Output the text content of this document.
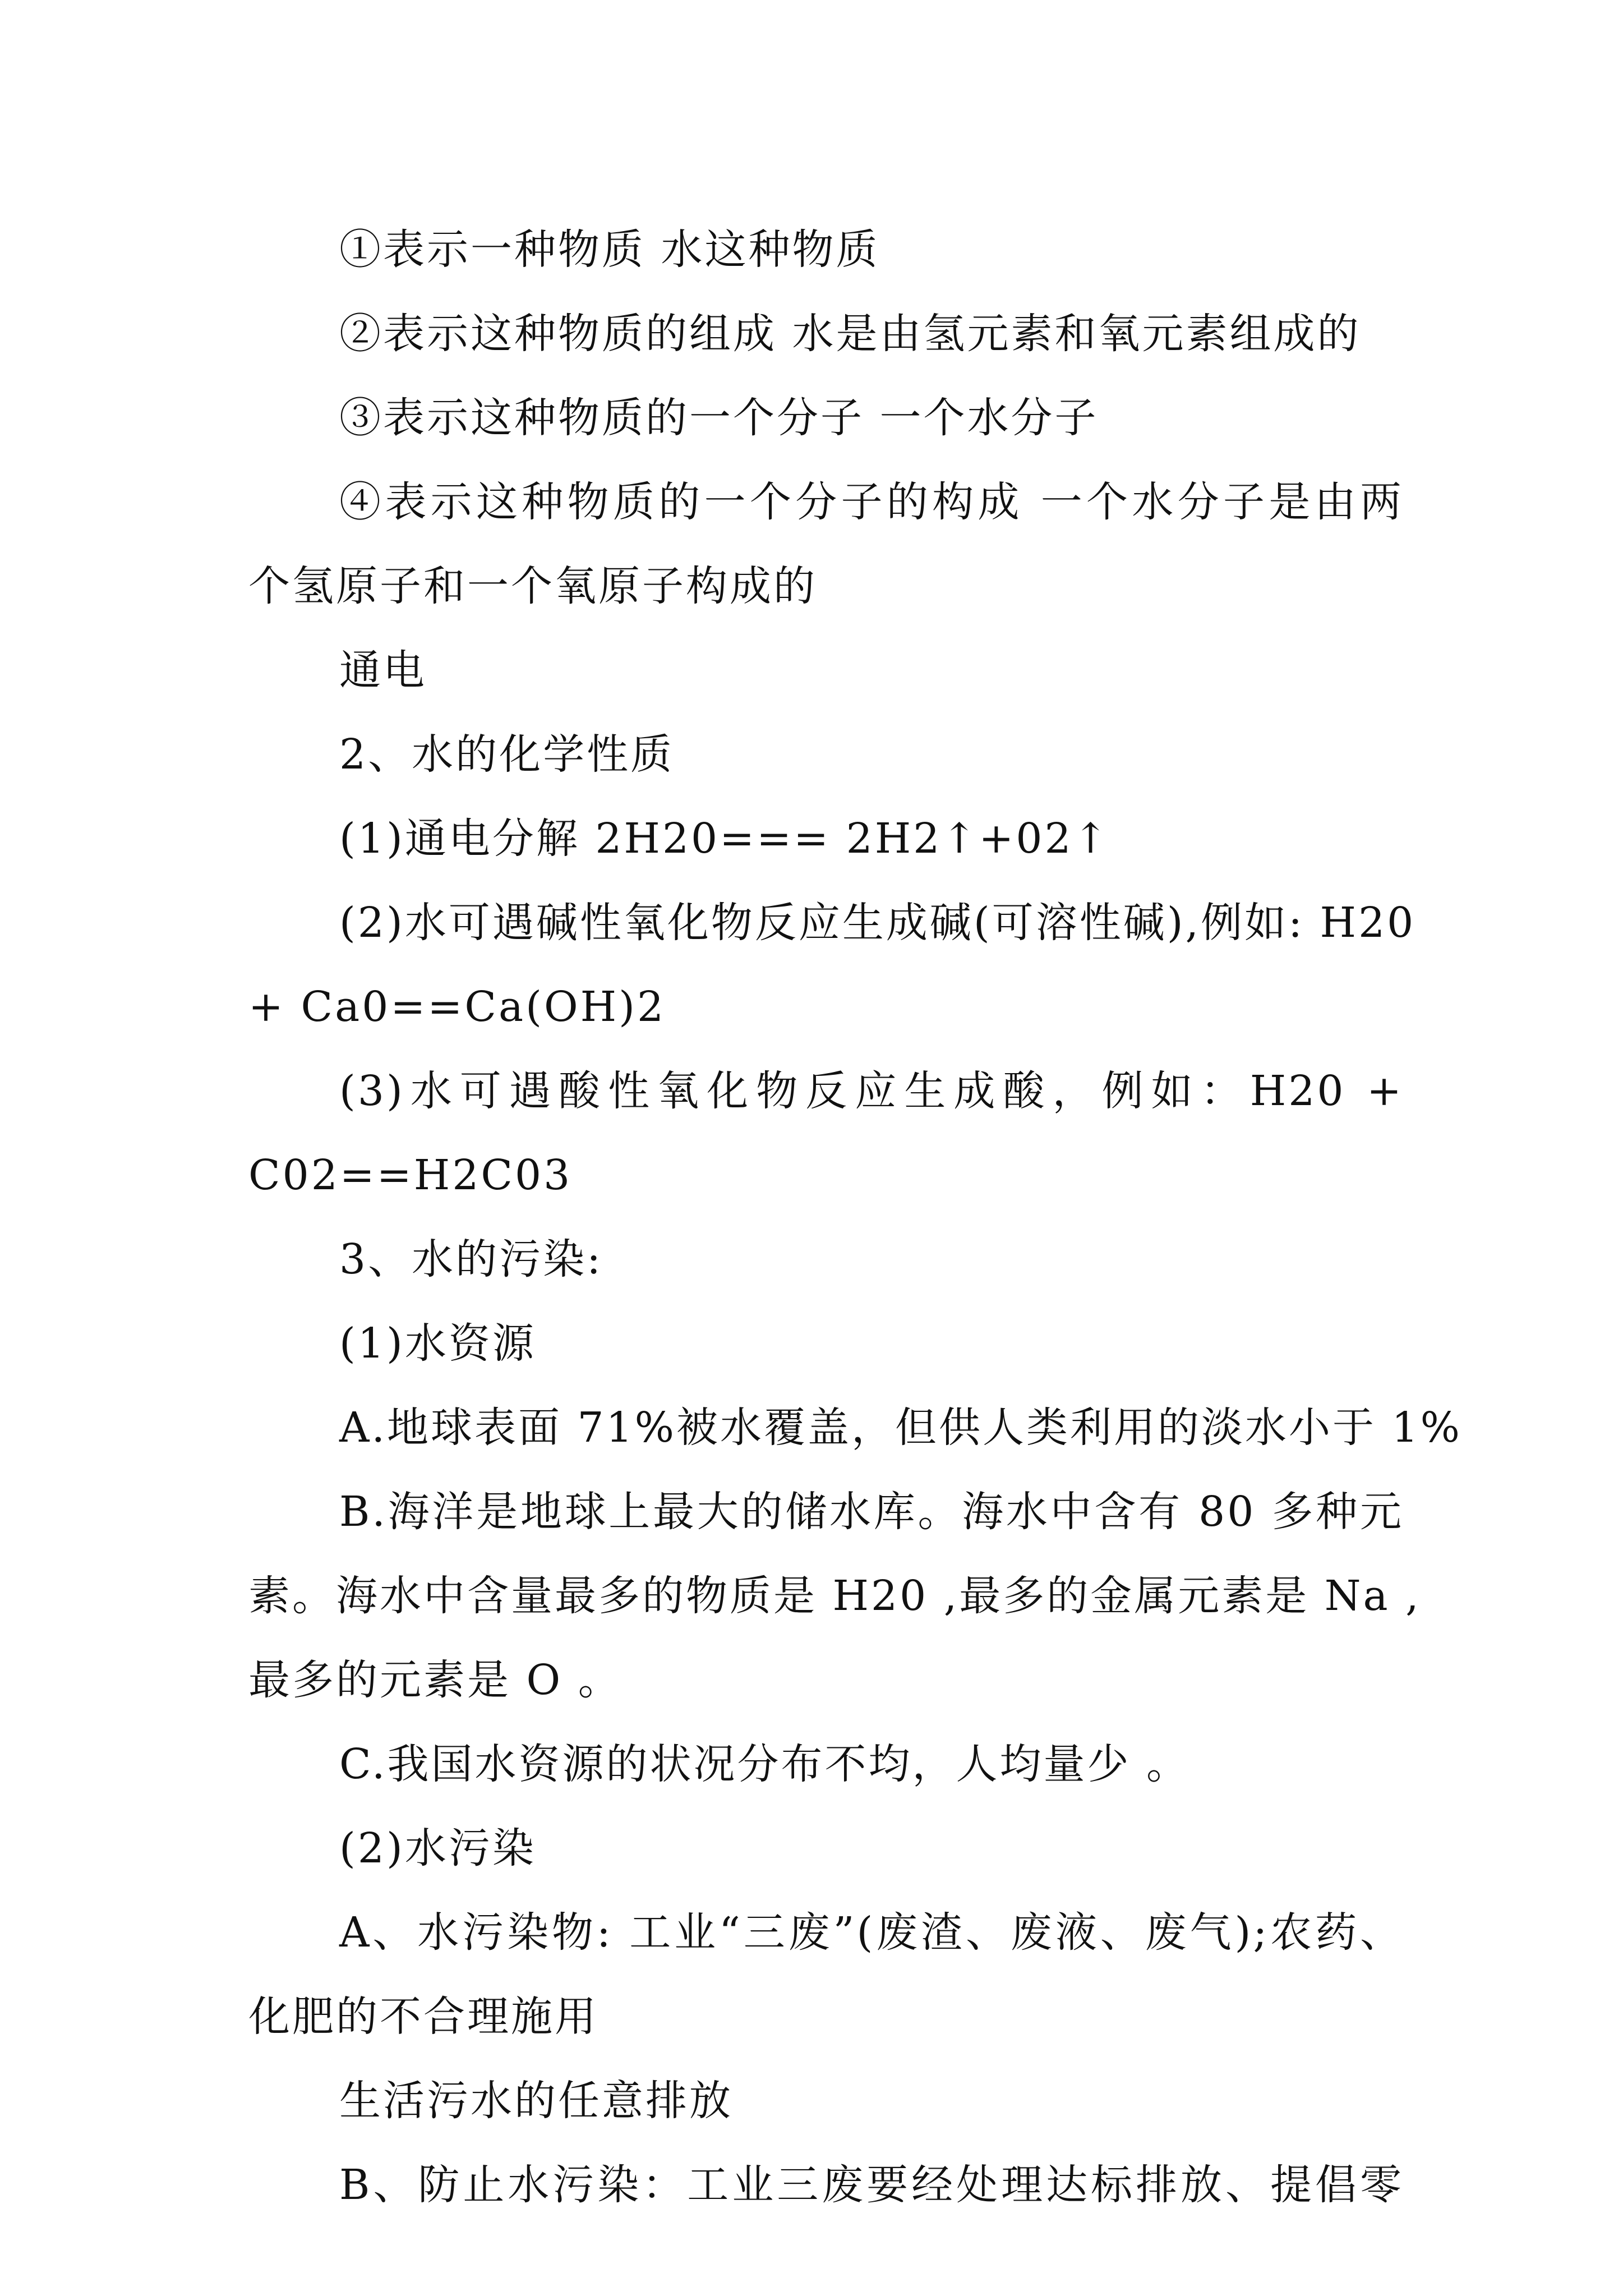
①表示一种物质 水这种物质
②表示这种物质的组成 水是由氢元素和氧元素组成的
③表示这种物质的一个分子 一个水分子
④表示这种物质的一个分子的构成 一个水分子是由两
个氢原子和一个氧原子构成的
通电
2、水的化学性质
(1)通电分解 2H20=== 2H2↑+02↑
(2)水可遇碱性氧化物反应生成碱(可溶性碱),例如: H20
+ Ca0==Ca(OH)2
(3)水可遇酸性氧化物反应生成酸，例如：H20 +
C02==H2C03
3、水的污染:
(1)水资源
A.地球表面 71%被水覆盖，但供人类利用的淡水小于 1%
B.海洋是地球上最大的储水库。海水中含有 80 多种元
素。海水中含量最多的物质是 H20 ,最多的金属元素是 Na ,
最多的元素是 O 。
C.我国水资源的状况分布不均，人均量少 。
(2)水污染
A、水污染物: 工业“三废”(废渣、废液、废气);农药、
化肥的不合理施用
生活污水的任意排放
B、防止水污染：工业三废要经处理达标排放、提倡零
